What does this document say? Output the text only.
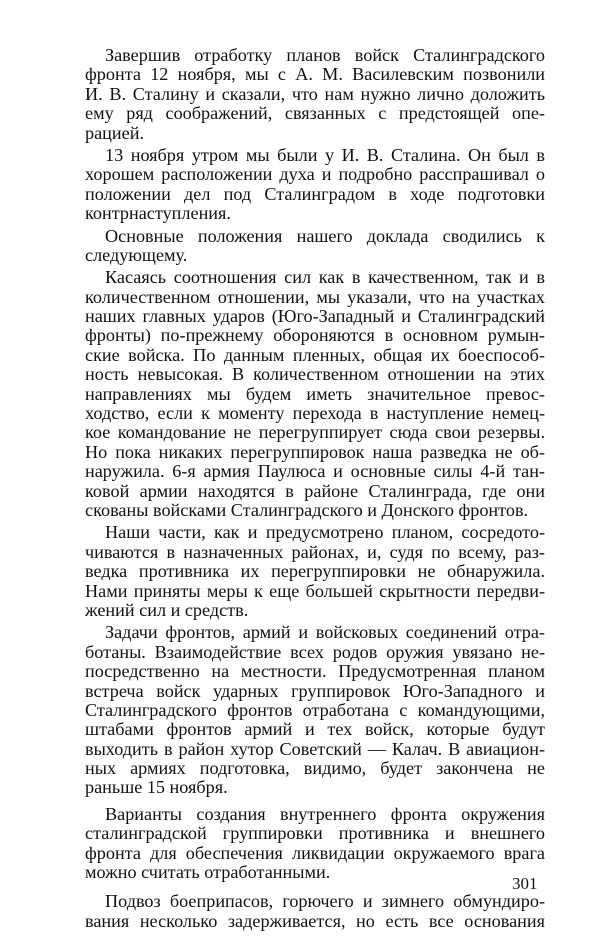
Завершив отработку планов войск Сталинградского
фронта 12 ноября, мы с А. М. Василевским позвонили
И. В. Сталину и сказали, что нам нужно лично доложить
ему ряд соображений, связанных с предстоящей опе-
рацией.
13 ноября утром мы были у И. В. Сталина. Он был в
хорошем расположении духа и подробно расспрашивал о
положении дел под Сталинградом в ходе подготовки
контрнаступления.
Основные положения нашего доклада сводились к
следующему.
Касаясь соотношения сил как в качественном, так и в
количественном отношении, мы указали, что на участках
наших главных ударов (Юго-Западный и Сталинградский
фронты) по-прежнему обороняются в основном румын-
ские войска. По данным пленных, общая их боеспособ-
ность невысокая. В количественном отношении на этих
направлениях мы будем иметь значительное превос-
ходство, если к моменту перехода в наступление немец-
кое командование не перегруппирует сюда свои резервы.
Но пока никаких перегруппировок наша разведка не об-
наружила. 6-я армия Паулюса и основные силы 4-й тан-
ковой армии находятся в районе Сталинграда, где они
скованы войсками Сталинградского и Донского фронтов.
Наши части, как и предусмотрено планом, сосредото-
чиваются в назначенных районах, и, судя по всему, раз-
ведка противника их перегруппировки не обнаружила.
Нами приняты меры к еще большей скрытности передви-
жений сил и средств.
Задачи фронтов, армий и войсковых соединений отра-
ботаны. Взаимодействие всех родов оружия увязано не-
посредственно на местности. Предусмотренная планом
встреча войск ударных группировок Юго-Западного и
Сталинградского фронтов отработана с командующими,
штабами фронтов армий и тех войск, которые будут
выходить в район хутор Советский — Калач. В авиацион-
ных армиях подготовка, видимо, будет закончена не
раньше 15 ноября.
Варианты создания внутреннего фронта окружения
сталинградской группировки противника и внешнего
фронта для обеспечения ликвидации окружаемого врага
можно считать отработанными.
Подвоз боеприпасов, горючего и зимнего обмундиро-
вания несколько задерживается, но есть все основания
301
